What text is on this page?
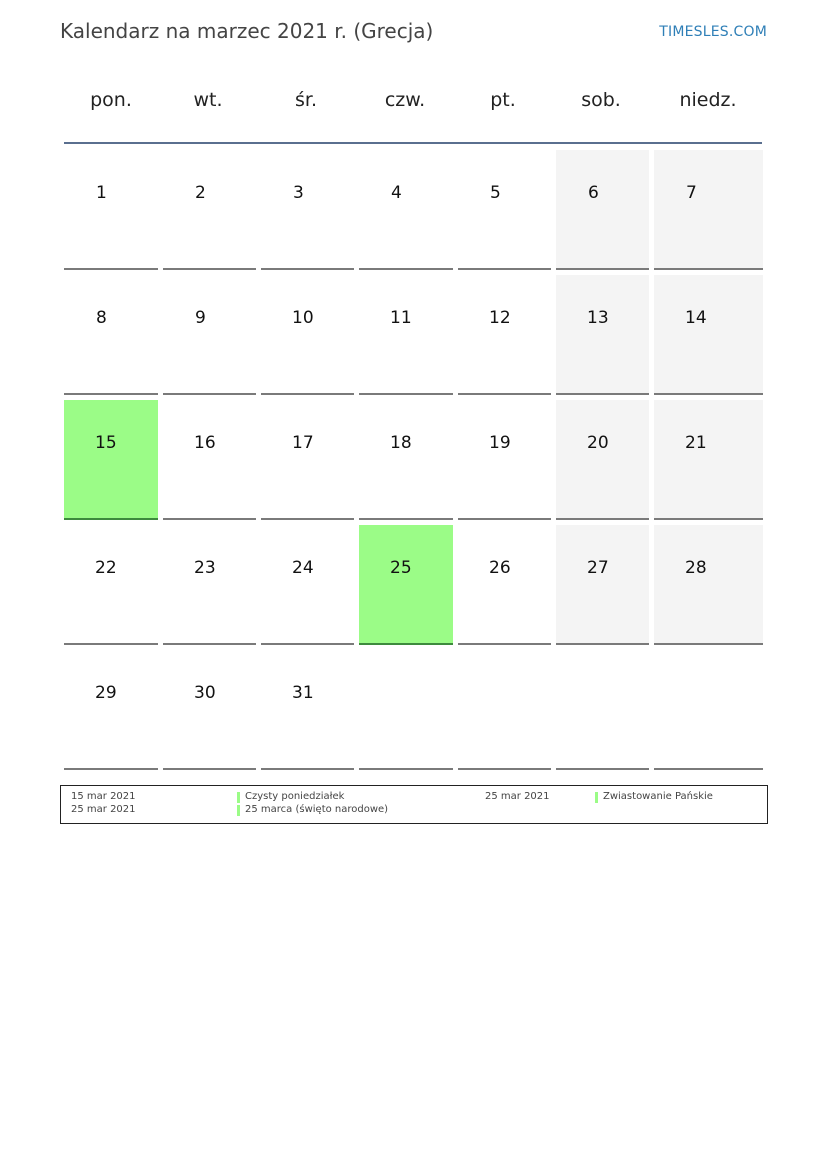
Kalendarz na marzec 2021 r. (Grecja)	TIMESLES.COM
pon.	wt.	śr.	czw.	pt.	sob.	niedz.
1	2	3	4	5	6	7
8	9	10	11	12	13	14
15	16	17	18	19	20	21
22	23	24	25	26	27	28
29	30	31
15 mar 2021	Czysty poniedziałek	25 mar 2021	Zwiastowanie Pańskie
25 mar 2021	25 marca (święto narodowe)
